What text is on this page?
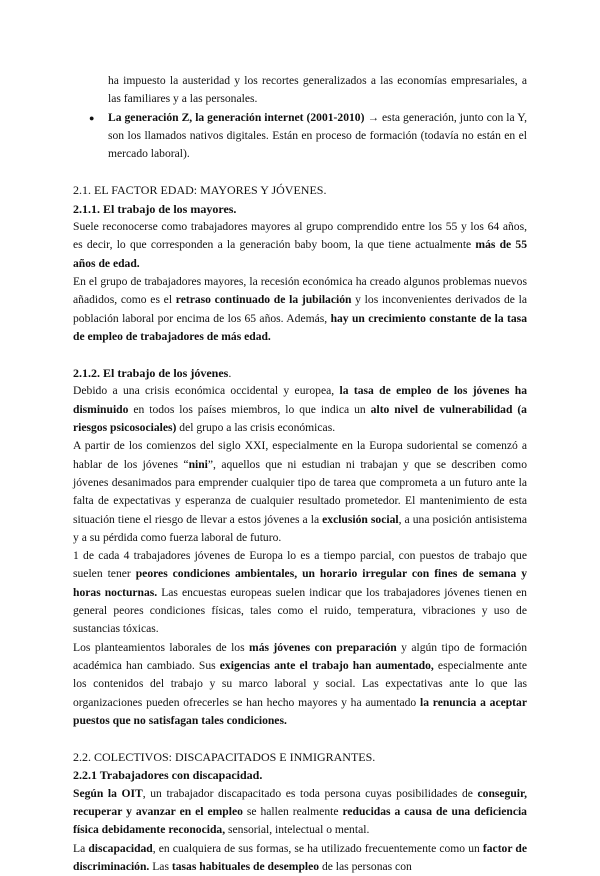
ha impuesto la austeridad y los recortes generalizados a las economías empresariales, a las familiares y a las personales.

● La generación Z, la generación internet (2001-2010) → esta generación, junto con la Y, son los llamados nativos digitales. Están en proceso de formación (todavía no están en el mercado laboral).

2.1. EL FACTOR EDAD: MAYORES Y JÓVENES.
2.1.1. El trabajo de los mayores.

Suele reconocerse como trabajadores mayores al grupo comprendido entre los 55 y los 64 años, es decir, lo que corresponden a la generación baby boom, la que tiene actualmente más de 55 años de edad.

En el grupo de trabajadores mayores, la recesión económica ha creado algunos problemas nuevos añadidos, como es el retraso continuado de la jubilación y los inconvenientes derivados de la población laboral por encima de los 65 años. Además, hay un crecimiento constante de la tasa de empleo de trabajadores de más edad.

2.1.2. El trabajo de los jóvenes.

Debido a una crisis económica occidental y europea, la tasa de empleo de los jóvenes ha disminuido en todos los países miembros, lo que indica un alto nivel de vulnerabilidad (a riesgos psicosociales) del grupo a las crisis económicas.

A partir de los comienzos del siglo XXI, especialmente en la Europa sudoriental se comenzó a hablar de los jóvenes “nini”, aquellos que ni estudian ni trabajan y que se describen como jóvenes desanimados para emprender cualquier tipo de tarea que comprometa a un futuro ante la falta de expectativas y esperanza de cualquier resultado prometedor. El mantenimiento de esta situación tiene el riesgo de llevar a estos jóvenes a la exclusión social, a una posición antisistema y a su pérdida como fuerza laboral de futuro.

1 de cada 4 trabajadores jóvenes de Europa lo es a tiempo parcial, con puestos de trabajo que suelen tener peores condiciones ambientales, un horario irregular con fines de semana y horas nocturnas. Las encuestas europeas suelen indicar que los trabajadores jóvenes tienen en general peores condiciones físicas, tales como el ruido, temperatura, vibraciones y uso de sustancias tóxicas.

Los planteamientos laborales de los más jóvenes con preparación y algún tipo de formación académica han cambiado. Sus exigencias ante el trabajo han aumentado, especialmente ante los contenidos del trabajo y su marco laboral y social. Las expectativas ante lo que las organizaciones pueden ofrecerles se han hecho mayores y ha aumentado la renuncia a aceptar puestos que no satisfagan tales condiciones.

2.2. COLECTIVOS: DISCAPACITADOS E INMIGRANTES.
2.2.1 Trabajadores con discapacidad.

Según la OIT, un trabajador discapacitado es toda persona cuyas posibilidades de conseguir, recuperar y avanzar en el empleo se hallen realmente reducidas a causa de una deficiencia física debidamente reconocida, sensorial, intelectual o mental.

La discapacidad, en cualquiera de sus formas, se ha utilizado frecuentemente como un factor de discriminación. Las tasas habituales de desempleo de las personas con
